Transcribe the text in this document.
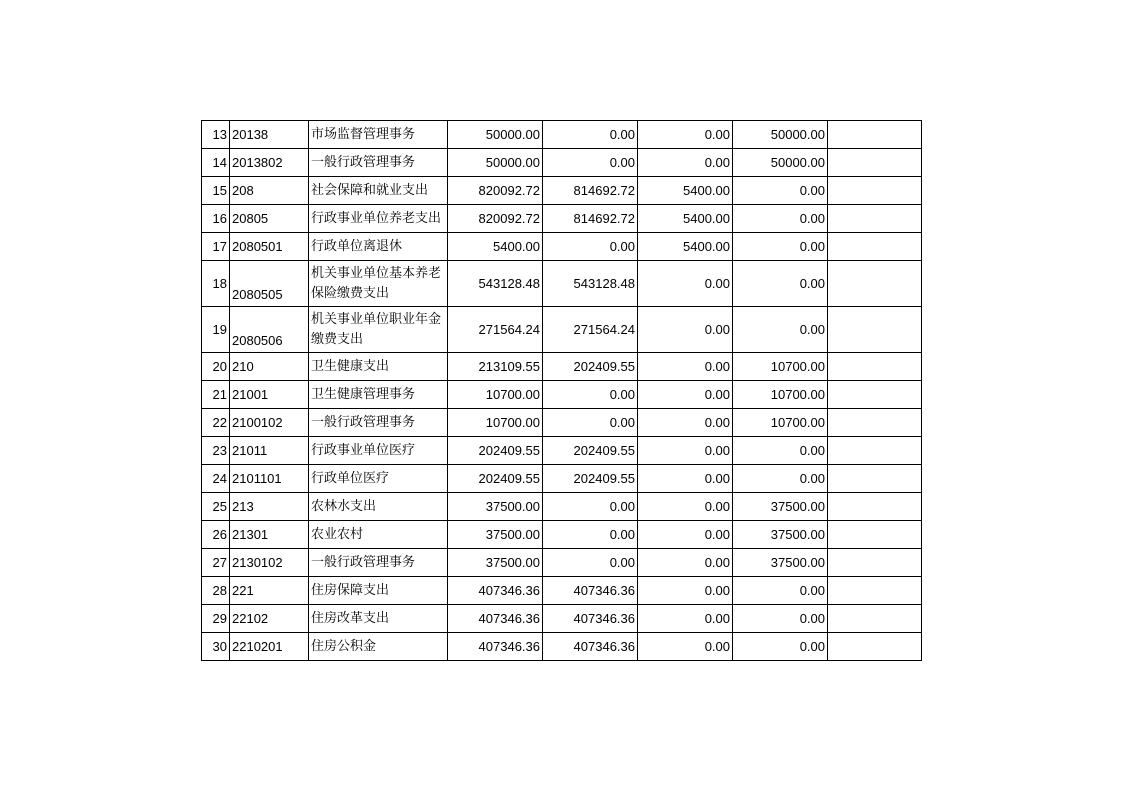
13	20138	市场监督管理事务	50000.00	0.00	0.00	50000.00	
14	2013802	一般行政管理事务	50000.00	0.00	0.00	50000.00	
15	208	社会保障和就业支出	820092.72	814692.72	5400.00	0.00	
16	20805	行政事业单位养老支出	820092.72	814692.72	5400.00	0.00	
17	2080501	行政单位离退休	5400.00	0.00	5400.00	0.00	
18	2080505	机关事业单位基本养老保险缴费支出	543128.48	543128.48	0.00	0.00	
19	2080506	机关事业单位职业年金缴费支出	271564.24	271564.24	0.00	0.00	
20	210	卫生健康支出	213109.55	202409.55	0.00	10700.00	
21	21001	卫生健康管理事务	10700.00	0.00	0.00	10700.00	
22	2100102	一般行政管理事务	10700.00	0.00	0.00	10700.00	
23	21011	行政事业单位医疗	202409.55	202409.55	0.00	0.00	
24	2101101	行政单位医疗	202409.55	202409.55	0.00	0.00	
25	213	农林水支出	37500.00	0.00	0.00	37500.00	
26	21301	农业农村	37500.00	0.00	0.00	37500.00	
27	2130102	一般行政管理事务	37500.00	0.00	0.00	37500.00	
28	221	住房保障支出	407346.36	407346.36	0.00	0.00	
29	22102	住房改革支出	407346.36	407346.36	0.00	0.00	
30	2210201	住房公积金	407346.36	407346.36	0.00	0.00	
